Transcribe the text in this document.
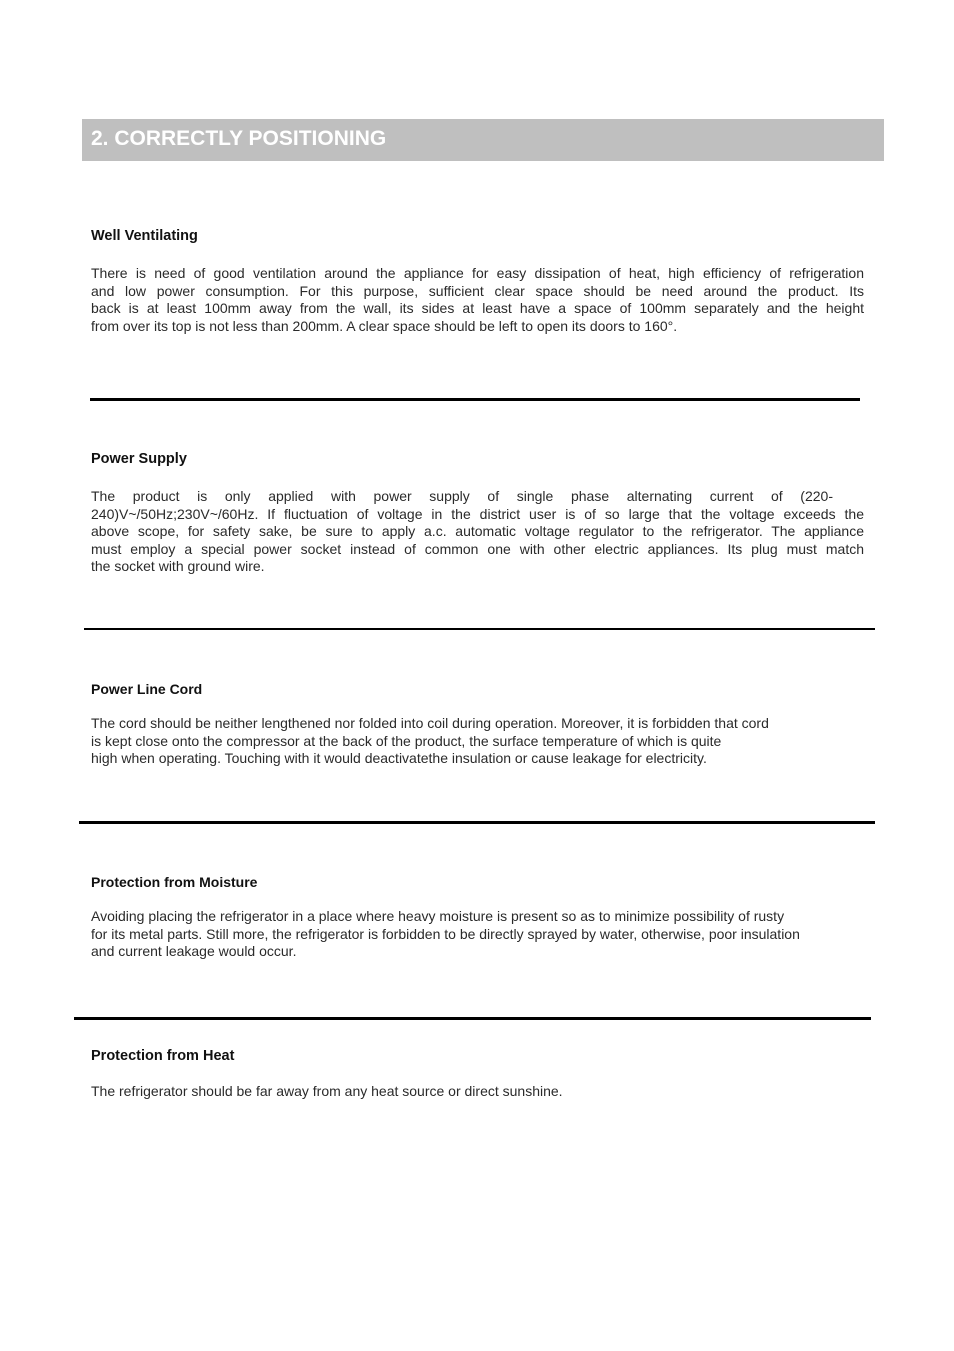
2. CORRECTLY POSITIONING
Well Ventilating
There is need of good ventilation around the appliance for easy dissipation of heat, high efficiency of refrigeration
and low power consumption. For this purpose, sufficient clear space should be need around the product. Its
back is at least 100mm away from the wall, its sides at least have a space of 100mm separately and the height
from over its top is not less than 200mm. A clear space should be left to open its doors to 160°.
Power Supply
The product is only applied with power supply of single phase alternating current of (220-
240)V~/50Hz;230V~/60Hz. If fluctuation of voltage in the district user is of so large that the voltage exceeds the
above scope, for safety sake, be sure to apply a.c. automatic voltage regulator to the refrigerator. The appliance
must employ a special power socket instead of common one with other electric appliances. Its plug must match
the socket with ground wire.
Power Line Cord
The cord should be neither lengthened nor folded into coil during operation. Moreover, it is forbidden that cord
is kept close onto the compressor at the back of the product, the surface temperature of which is quite
high when operating. Touching with it would deactivatethe insulation or cause leakage for electricity.
Protection from Moisture
Avoiding placing the refrigerator in a place where heavy moisture is present so as to minimize possibility of rusty
for its metal parts. Still more, the refrigerator is forbidden to be directly sprayed by water, otherwise, poor insulation
and current leakage would occur.
Protection from Heat
The refrigerator should be far away from any heat source or direct sunshine.
